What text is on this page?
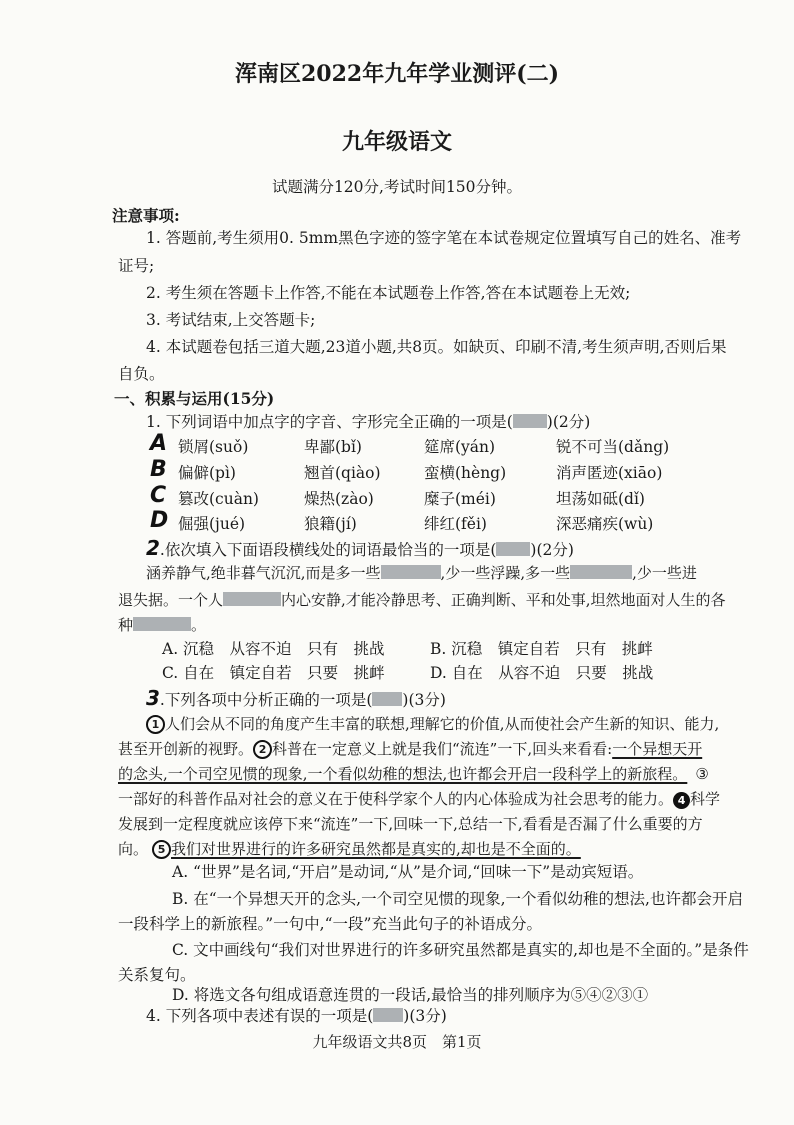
浑南区2022年九年学业测评(二)
九年级语文
试题满分120分,考试时间150分钟。
注意事项:
1. 答题前,考生须用0. 5mm黑色字迹的签字笔在本试卷规定位置填写自己的姓名、准考
证号;
2. 考生须在答题卡上作答,不能在本试题卷上作答,答在本试题卷上无效;
3. 考试结束,上交答题卡;
4. 本试题卷包括三道大题,23道小题,共8页。如缺页、印刷不清,考生须声明,否则后果
自负。
一、积累与运用(15分)
1. 下列词语中加点字的字音、字形完全正确的一项是( )(2分)
A 锁屑(suǒ)	卑鄙(bǐ)	筵席(yán)	锐不可当(dǎng)
B 偏僻(pì)	翘首(qiào)	蛮横(hèng)	消声匿迹(xiāo)
C 篡改(cuàn)	燥热(zào)	糜子(méi)	坦荡如砥(dǐ)
D 倔强(jué)	狼籍(jí)	绯红(fěi)	深恶痛疾(wù)
2.依次填入下面语段横线处的词语最恰当的一项是( )(2分)
涵养静气,绝非暮气沉沉,而是多一些	,少一些浮躁,多一些	,少一些进
退失据。一个人	内心安静,才能冷静思考、正确判断、平和处事,坦然地面对人生的各
种	。
A. 沉稳　从容不迫　只有　挑战	B. 沉稳　镇定自若　只有　挑衅
C. 自在　镇定自若　只要　挑衅	D. 自在　从容不迫　只要　挑战
3.下列各项中分析正确的一项是( )(3分)
1 人们会从不同的角度产生丰富的联想,理解它的价值,从而使社会产生新的知识、能力,
甚至开创新的视野。 2 科普在一定意义上就是我们“流连”一下,回头来看看:一个异想天开
的念头,一个司空见惯的现象,一个看似幼稚的想法,也许都会开启一段科学上的新旅程。 ③
一部好的科普作品对社会的意义在于使科学家个人的内心体验成为社会思考的能力。 4 科学
发展到一定程度就应该停下来“流连”一下,回味一下,总结一下,看看是否漏了什么重要的方
向。 5 我们对世界进行的许多研究虽然都是真实的,却也是不全面的。
A. “世界”是名词,“开启”是动词,“从”是介词,“回味一下”是动宾短语。
B. 在“一个异想天开的念头,一个司空见惯的现象,一个看似幼稚的想法,也许都会开启
一段科学上的新旅程。”一句中,“一段”充当此句子的补语成分。
C. 文中画线句“我们对世界进行的许多研究虽然都是真实的,却也是不全面的。”是条件
关系复句。
D. 将选文各句组成语意连贯的一段话,最恰当的排列顺序为⑤④②③①
4. 下列各项中表述有误的一项是( )(3分)
九年级语文共8页　第1页
